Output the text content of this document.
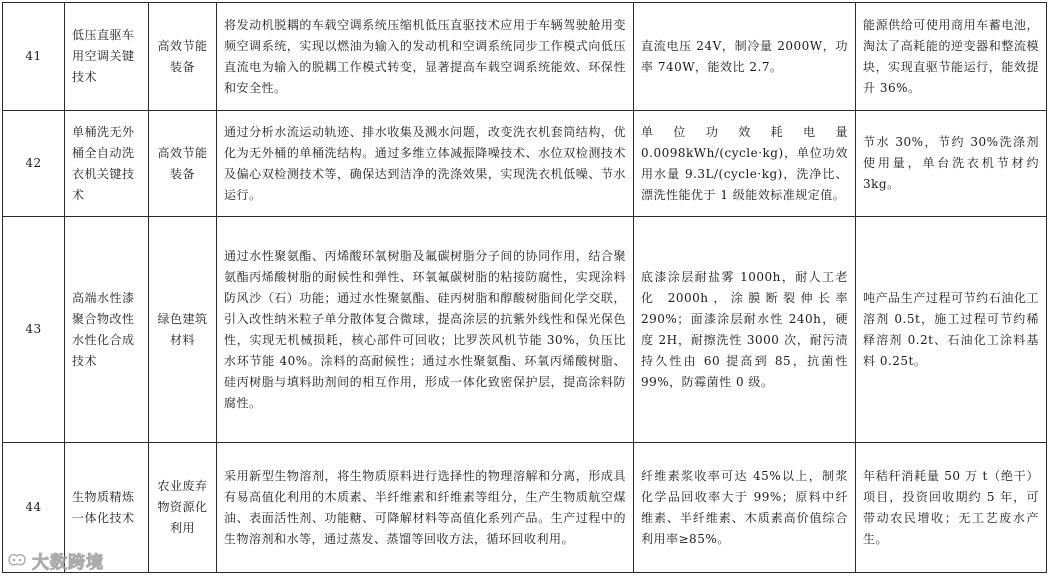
41	低压直驱车用空调关键技术	高效节能装备	将发动机脱耦的车载空调系统压缩机低压直驱技术应用于车辆驾驶舱用变频空调系统，实现以燃油为输入的发动机和空调系统同步工作模式向低压直流电为输入的脱耦工作模式转变，显著提高车载空调系统能效、环保性和安全性。	直流电压 24V，制冷量 2000W，功率 740W，能效比 2.7。	能源供给可使用商用车蓄电池，淘汰了高耗能的逆变器和整流模块，实现直驱节能运行，能效提升 36%。
42	单桶洗无外桶全自动洗衣机关键技术	高效节能装备	通过分析水流运动轨迹、排水收集及溅水问题，改变洗衣机套筒结构，优化为无外桶的单桶洗结构。通过多维立体减振降噪技术、水位双检测技术及偏心双检测技术等，确保达到洁净的洗涤效果，实现洗衣机低噪、节水运行。	单位功效耗电量 0.0098kWh/(cycle·kg)，单位功效用水量 9.3L/(cycle·kg)，洗净比、漂洗性能优于 1 级能效标准规定值。	节水 30%，节约 30%洗涤剂使用量，单台洗衣机节材约 3kg。
43	高端水性漆聚合物改性水性化合成技术	绿色建筑材料	通过水性聚氨酯、丙烯酸环氧树脂及氟碳树脂分子间的协同作用，结合聚氨酯丙烯酸树脂的耐候性和弹性、环氧氟碳树脂的粘接防腐性，实现涂料防风沙（石）功能；通过水性聚氨酯、硅丙树脂和醇酸树脂间化学交联，引入改性纳米粒子单分散体复合微球，提高涂层的抗紫外线性和保光保色性，实现无机械损耗，核心部件可回收；比罗茨风机节能 30%，负压比水环节能 40%。涂料的高耐候性；通过水性聚氨酯、环氧丙烯酸树脂、硅丙树脂与填料助剂间的相互作用，形成一体化致密保护层，提高涂料防腐性。	底漆涂层耐盐雾 1000h，耐人工老化 2000h，涂膜断裂伸长率 290%；面漆涂层耐水性 240h，硬度 2H，耐擦洗性 3000 次，耐污渍持久性由 60 提高到 85，抗菌性 99%，防霉菌性 0 级。	吨产品生产过程可节约石油化工溶剂 0.5t，施工过程可节约稀释溶剂 0.2t、石油化工涂料基料 0.25t。
44	生物质精炼一体化技术	农业废弃物资源化利用	采用新型生物溶剂，将生物质原料进行选择性的物理溶解和分离，形成具有易高值化利用的木质素、半纤维素和纤维素等组分，生产生物质航空煤油、表面活性剂、功能糖、可降解材料等高值化系列产品。生产过程中的生物溶剂和水等，通过蒸发、蒸馏等回收方法，循环回收利用。	纤维素浆收率可达 45%以上，制浆化学品回收率大于 99%；原料中纤维素、半纤维素、木质素高价值综合利用率≥85%。	年秸秆消耗量 50 万 t（绝干）项目，投资回收期约 5 年，可带动农民增收；无工艺废水产生。
大数跨境
